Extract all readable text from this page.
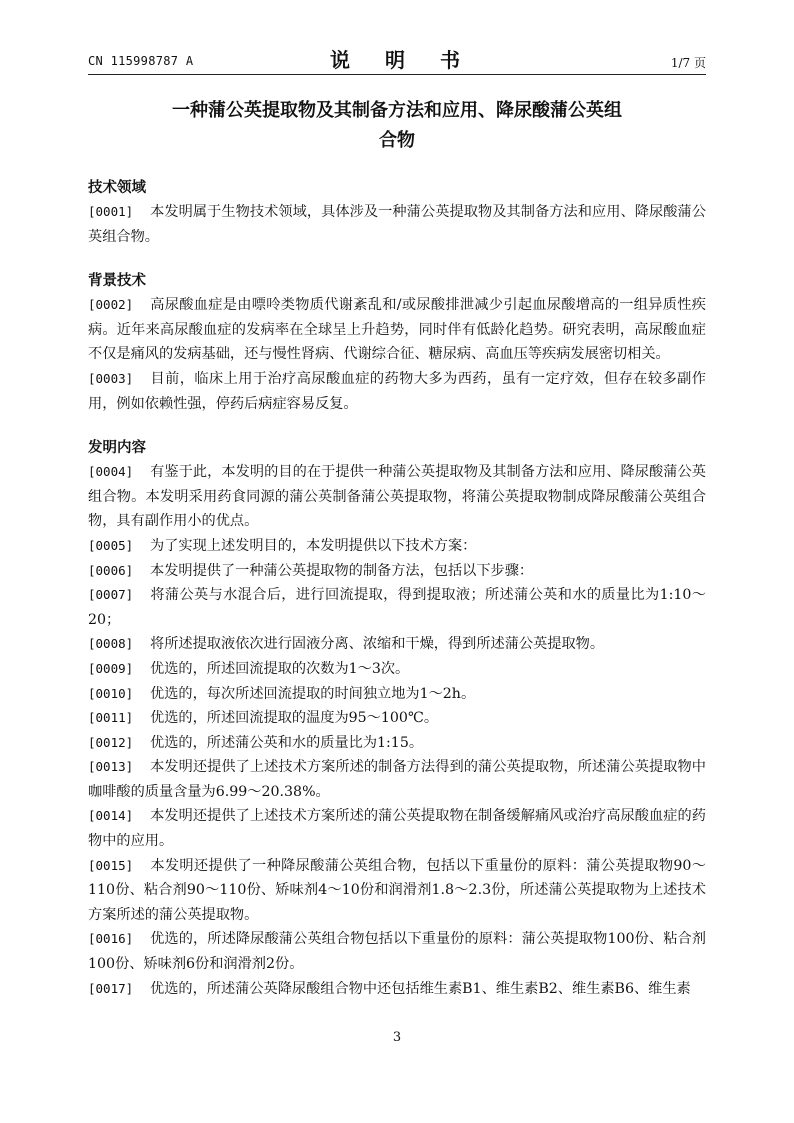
CN 115998787 A	说 明 书	1/7 页
一种蒲公英提取物及其制备方法和应用、降尿酸蒲公英组
合物

技术领域

[0001] 本发明属于生物技术领域，具体涉及一种蒲公英提取物及其制备方法和应用、降尿酸蒲公英组合物。

背景技术

[0002] 高尿酸血症是由嘌呤类物质代谢紊乱和/或尿酸排泄减少引起血尿酸增高的一组异质性疾病。近年来高尿酸血症的发病率在全球呈上升趋势，同时伴有低龄化趋势。研究表明，高尿酸血症不仅是痛风的发病基础，还与慢性肾病、代谢综合征、糖尿病、高血压等疾病发展密切相关。

[0003] 目前，临床上用于治疗高尿酸血症的药物大多为西药，虽有一定疗效，但存在较多副作用，例如依赖性强，停药后病症容易反复。

发明内容

[0004] 有鉴于此，本发明的目的在于提供一种蒲公英提取物及其制备方法和应用、降尿酸蒲公英组合物。本发明采用药食同源的蒲公英制备蒲公英提取物，将蒲公英提取物制成降尿酸蒲公英组合物，具有副作用小的优点。

[0005] 为了实现上述发明目的，本发明提供以下技术方案：

[0006] 本发明提供了一种蒲公英提取物的制备方法，包括以下步骤：

[0007] 将蒲公英与水混合后，进行回流提取，得到提取液；所述蒲公英和水的质量比为1:10～20；

[0008] 将所述提取液依次进行固液分离、浓缩和干燥，得到所述蒲公英提取物。

[0009] 优选的，所述回流提取的次数为1～3次。

[0010] 优选的，每次所述回流提取的时间独立地为1～2h。

[0011] 优选的，所述回流提取的温度为95～100℃。

[0012] 优选的，所述蒲公英和水的质量比为1:15。

[0013] 本发明还提供了上述技术方案所述的制备方法得到的蒲公英提取物，所述蒲公英提取物中咖啡酸的质量含量为6.99～20.38%。

[0014] 本发明还提供了上述技术方案所述的蒲公英提取物在制备缓解痛风或治疗高尿酸血症的药物中的应用。

[0015] 本发明还提供了一种降尿酸蒲公英组合物，包括以下重量份的原料：蒲公英提取物90～110份、粘合剂90～110份、矫味剂4～10份和润滑剂1.8～2.3份，所述蒲公英提取物为上述技术方案所述的蒲公英提取物。

[0016] 优选的，所述降尿酸蒲公英组合物包括以下重量份的原料：蒲公英提取物100份、粘合剂100份、矫味剂6份和润滑剂2份。

[0017] 优选的，所述蒲公英降尿酸组合物中还包括维生素B1、维生素B2、维生素B6、维生素

3
